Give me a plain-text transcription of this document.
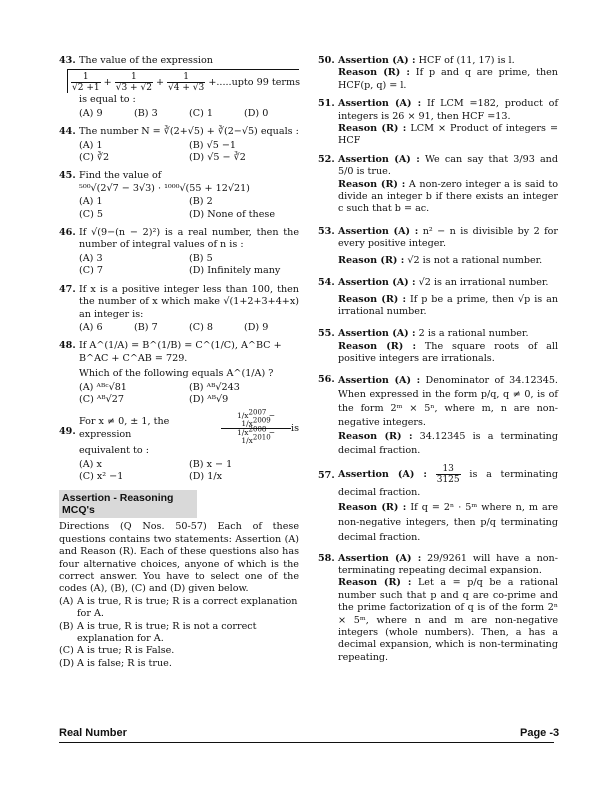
43. The value of the expression
$\frac{1}{√2 +1} + \frac{1}{√3 + √2} + \frac{1}{√4 + √3}$ +.....upto 99 terms
is equal to :
(A) 9	(B) 3	(C) 1	(D) 0
44. The number N = ∛(2+√5) + ∛(2−√5) equals :
(A) 1	(B) √5 −1
(C) ∛2	(D) √5 − ∛2
45. Find the value of
⁵⁰⁰√(2√7 − 3√3) · ¹⁰⁰⁰√(55 + 12√21)
(A) 1	(B) 2
(C) 5	(D) None of these
46. If √(9−(n − 2)²) is a real number, then the number of integral values of n is :
(A) 3	(B) 5
(C) 7	(D) Infinitely many
47. If x is a positive integer less than 100, then the number of x which make √(1+2+3+4+x) an integer is:
(A) 6	(B) 7	(C) 8	(D) 9
48. If A^(1/A) = B^(1/B) = C^(1/C), A^BC + B^AC + C^AB = 729.
Which of the following equals A^(1/A) ?
(A) ᴬᴮᶜ√81	(B) ᴬᴮ√243
(C) ᴬᴮ√27	(D) ᴬᴮ√9
49.
For x ≠ 0, ± 1, the expression	$\frac{1/x2007 - 1/x2009}{1/x2008 - 1/x2010}$ is
equivalent to :
(A) x	(B) x − 1
(C) x² −1	(D) 1/x
Assertion - Reasoning MCQ's

Directions (Q Nos. 50-57) Each of these questions contains two statements: Assertion (A) and Reason (R). Each of these questions also has four alternative choices, anyone of which is the correct answer. You have to select one of the codes (A), (B), (C) and (D) given below.

(A) A is true, R is true; R is a correct explanation for A.
(B) A is true, R is true; R is not a correct explanation for A.
(C) A is true; R is False.
(D) A is false; R is true.
50. Assertion (A) : HCF of (11, 17) is l.
Reason (R) : If p and q are prime, then HCF(p, q) = l.
51. Assertion (A) : If LCM =182, product of integers is 26 × 91, then HCF =13.
Reason (R) : LCM × Product of integers = HCF
52. Assertion (A) : We can say that 3/93 and 5/0 is true.
Reason (R) : A non-zero integer a is said to divide an integer b if there exists an integer c such that b = ac.
53. Assertion (A) : n² − n is divisible by 2 for every positive integer.
Reason (R) : √2 is not a rational number.
54. Assertion (A) : √2 is an irrational number.
Reason (R) : If p be a prime, then √p is an irrational number.
55. Assertion (A) : 2 is a rational number.
Reason (R) : The square roots of all positive integers are irrationals.
56. Assertion (A) : Denominator of 34.12345. When expressed in the form p/q, q ≠ 0, is of the form 2ᵐ × 5ⁿ, where m, n are non-negative integers.
Reason (R) : 34.12345 is a terminating decimal fraction.
57. Assertion (A) : $\frac{13}{3125}$ is a terminating decimal fraction.
Reason (R) : If q = 2ⁿ · 5ᵐ where n, m are non-negative integers, then p/q terminating decimal fraction.
58. Assertion (A) : 29/9261 will have a non-terminating repeating decimal expansion.
Reason (R) : Let a = p/q be a rational number such that p and q are co-prime and the prime factorization of q is of the form 2ⁿ × 5ᵐ, where n and m are non-negative integers (whole numbers). Then, a has a decimal expansion, which is non-terminating repeating.
Real Number	Page -3
